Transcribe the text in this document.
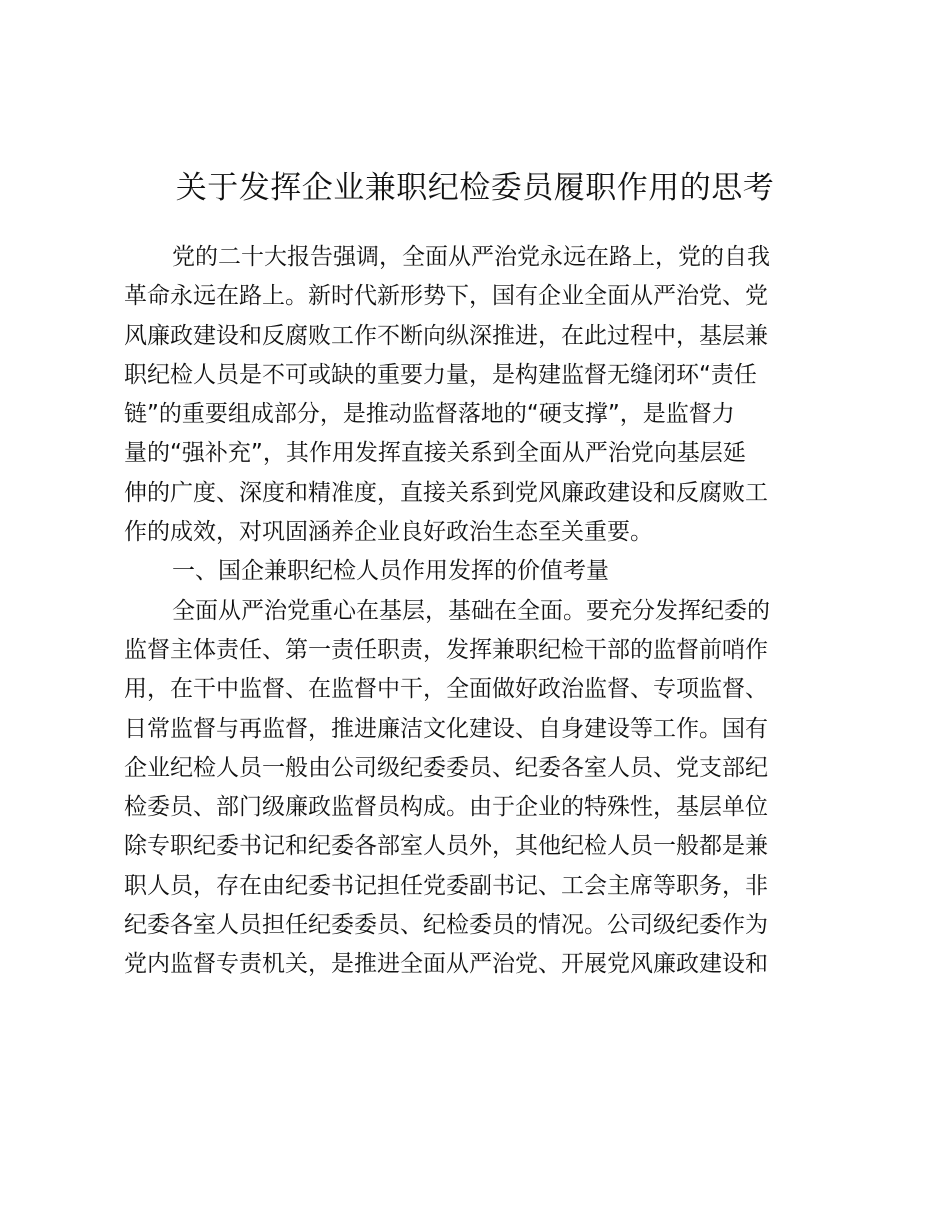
关于发挥企业兼职纪检委员履职作用的思考
党的二十大报告强调，全面从严治党永远在路上，党的自我
革命永远在路上。新时代新形势下，国有企业全面从严治党、党
风廉政建设和反腐败工作不断向纵深推进，在此过程中，基层兼
职纪检人员是不可或缺的重要力量，是构建监督无缝闭环“责任
链”的重要组成部分，是推动监督落地的“硬支撑”，是监督力
量的“强补充”，其作用发挥直接关系到全面从严治党向基层延
伸的广度、深度和精准度，直接关系到党风廉政建设和反腐败工
作的成效，对巩固涵养企业良好政治生态至关重要。
一、国企兼职纪检人员作用发挥的价值考量
全面从严治党重心在基层，基础在全面。要充分发挥纪委的
监督主体责任、第一责任职责，发挥兼职纪检干部的监督前哨作
用，在干中监督、在监督中干，全面做好政治监督、专项监督、
日常监督与再监督，推进廉洁文化建设、自身建设等工作。国有
企业纪检人员一般由公司级纪委委员、纪委各室人员、党支部纪
检委员、部门级廉政监督员构成。由于企业的特殊性，基层单位
除专职纪委书记和纪委各部室人员外，其他纪检人员一般都是兼
职人员，存在由纪委书记担任党委副书记、工会主席等职务，非
纪委各室人员担任纪委委员、纪检委员的情况。公司级纪委作为
党内监督专责机关，是推进全面从严治党、开展党风廉政建设和
